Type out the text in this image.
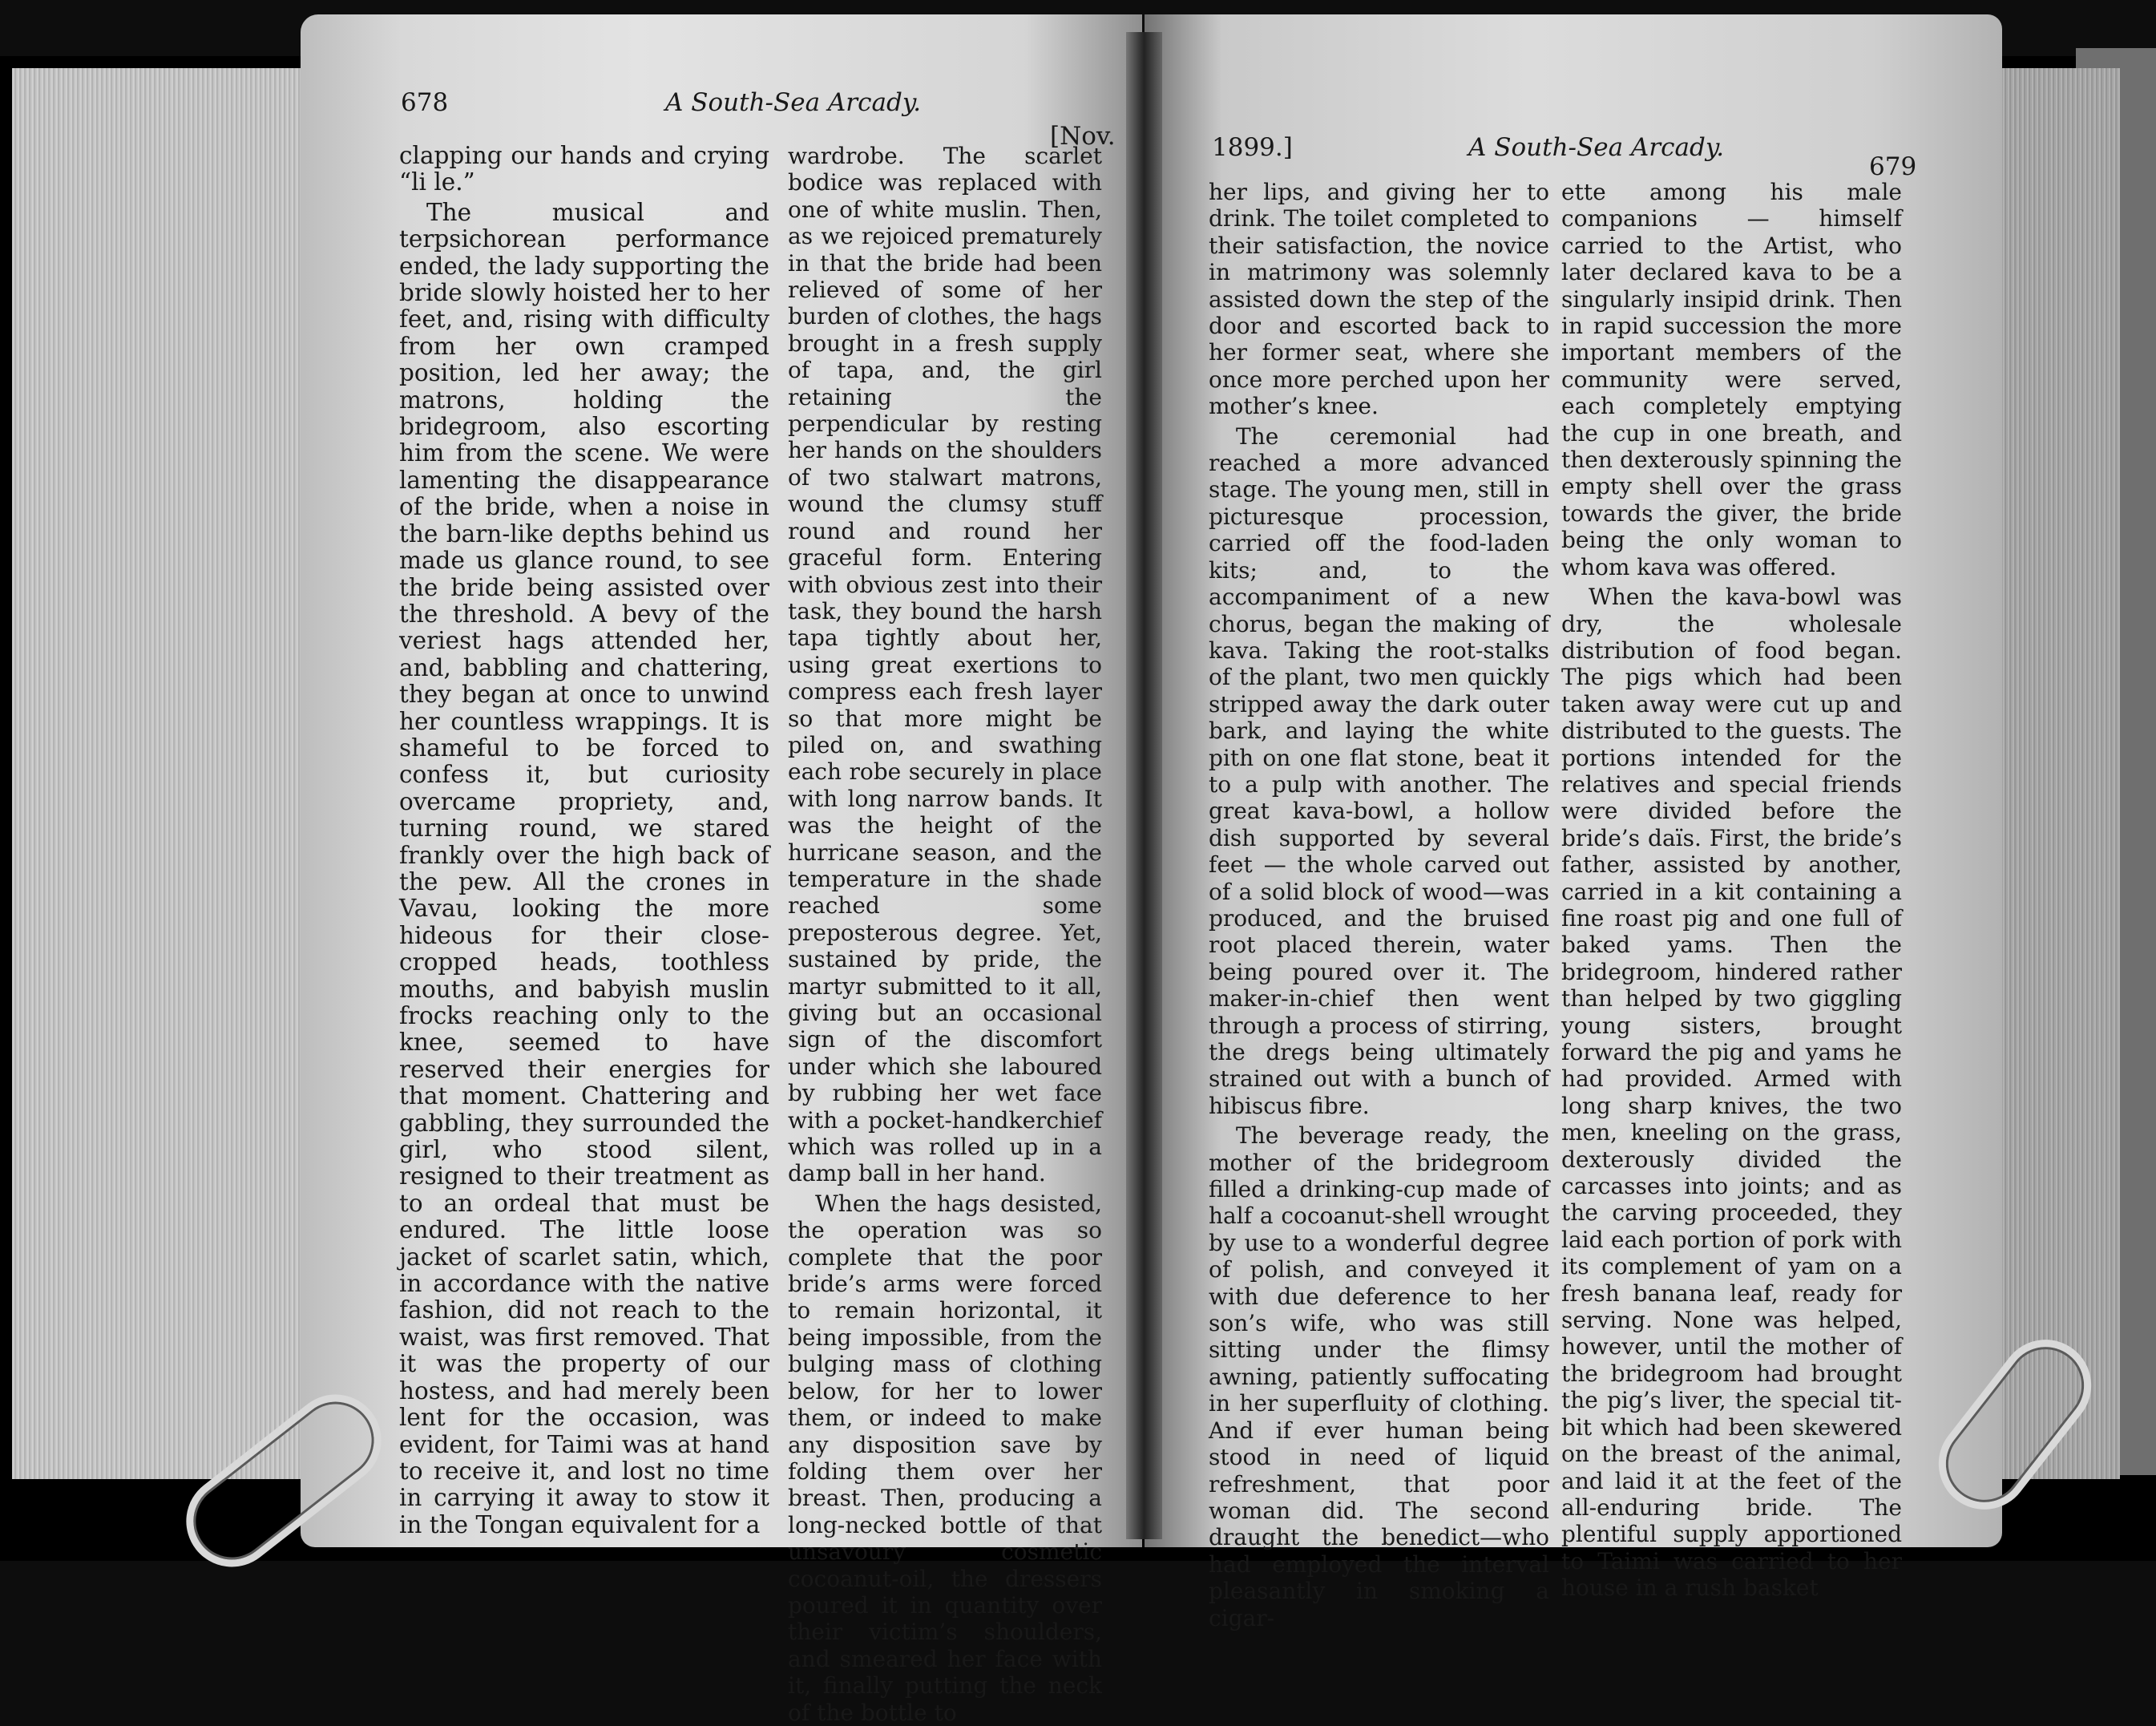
678	A South-Sea Arcady.
[Nov.

clapping our hands and crying “li le.”

The musical and terpsichorean performance ended, the lady supporting the bride slowly hoisted her to her feet, and, rising with difficulty from her own cramped position, led her away; the matrons, holding the bridegroom, also escorting him from the scene. We were lamenting the disappearance of the bride, when a noise in the barn-like depths behind us made us glance round, to see the bride being assisted over the threshold. A bevy of the veriest hags attended her, and, babbling and chattering, they began at once to unwind her countless wrappings. It is shameful to be forced to confess it, but curiosity overcame propriety, and, turning round, we stared frankly over the high back of the pew. All the crones in Vavau, looking the more hideous for their close-cropped heads, toothless mouths, and babyish muslin frocks reaching only to the knee, seemed to have reserved their energies for that moment. Chattering and gabbling, they surrounded the girl, who stood silent, resigned to their treatment as to an ordeal that must be endured. The little loose jacket of scarlet satin, which, in accordance with the native fashion, did not reach to the waist, was first removed. That it was the property of our hostess, and had merely been lent for the occasion, was evident, for Taimi was at hand to receive it, and lost no time in carrying it away to stow it in the Tongan equivalent for a

wardrobe. The scarlet bodice was replaced with one of white muslin. Then, as we rejoiced prematurely in that the bride had been relieved of some of her burden of clothes, the hags brought in a fresh supply of tapa, and, the girl retaining the perpendicular by resting her hands on the shoulders of two stalwart matrons, wound the clumsy stuff round and round her graceful form. Entering with obvious zest into their task, they bound the harsh tapa tightly about her, using great exertions to compress each fresh layer so that more might be piled on, and swathing each robe securely in place with long narrow bands. It was the height of the hurricane season, and the temperature in the shade reached some preposterous degree. Yet, sustained by pride, the martyr submitted to it all, giving but an occasional sign of the discomfort under which she laboured by rubbing her wet face with a pocket-handkerchief which was rolled up in a damp ball in her hand.

When the hags desisted, the operation was so complete that the poor bride’s arms were forced to remain horizontal, it being impossible, from the bulging mass of clothing below, for her to lower them, or indeed to make any disposition save by folding them over her breast. Then, producing a long-necked bottle of that unsavoury cosmetic cocoanut-oil, the dressers poured it in quantity over their victim’s shoulders, and smeared her face with it, finally putting the neck of the bottle to

1899.]	A South-Sea Arcady.
679

her lips, and giving her to drink. The toilet completed to their satisfaction, the novice in matrimony was solemnly assisted down the step of the door and escorted back to her former seat, where she once more perched upon her mother’s knee.

The ceremonial had reached a more advanced stage. The young men, still in picturesque procession, carried off the food-laden kits; and, to the accompaniment of a new chorus, began the making of kava. Taking the root-stalks of the plant, two men quickly stripped away the dark outer bark, and laying the white pith on one flat stone, beat it to a pulp with another. The great kava-bowl, a hollow dish supported by several feet — the whole carved out of a solid block of wood—was produced, and the bruised root placed therein, water being poured over it. The maker-in-chief then went through a process of stirring, the dregs being ultimately strained out with a bunch of hibiscus fibre.

The beverage ready, the mother of the bridegroom filled a drinking-cup made of half a cocoanut-shell wrought by use to a wonderful degree of polish, and conveyed it with due deference to her son’s wife, who was still sitting under the flimsy awning, patiently suffocating in her superfluity of clothing. And if ever human being stood in need of liquid refreshment, that poor woman did. The second draught the benedict—who had employed the interval pleasantly in smoking a cigar-

ette among his male companions — himself carried to the Artist, who later declared kava to be a singularly insipid drink. Then in rapid succession the more important members of the community were served, each completely emptying the cup in one breath, and then dexterously spinning the empty shell over the grass towards the giver, the bride being the only woman to whom kava was offered.

When the kava-bowl was dry, the wholesale distribution of food began. The pigs which had been taken away were cut up and distributed to the guests. The portions intended for the relatives and special friends were divided before the bride’s daïs. First, the bride’s father, assisted by another, carried in a kit containing a fine roast pig and one full of baked yams. Then the bridegroom, hindered rather than helped by two giggling young sisters, brought forward the pig and yams he had provided. Armed with long sharp knives, the two men, kneeling on the grass, dexterously divided the carcasses into joints; and as the carving proceeded, they laid each portion of pork with its complement of yam on a fresh banana leaf, ready for serving. None was helped, however, until the mother of the bridegroom had brought the pig’s liver, the special tit-bit which had been skewered on the breast of the animal, and laid it at the feet of the all-enduring bride. The plentiful supply apportioned to Taimi was carried to her house in a rush basket
